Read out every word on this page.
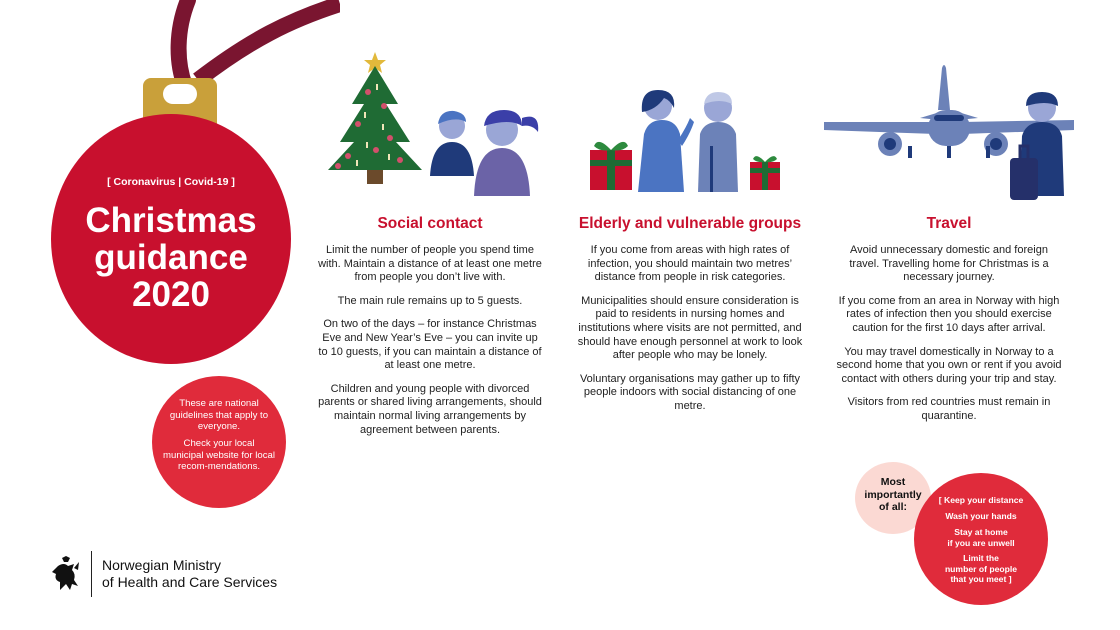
[ Coronavirus | Covid-19 ]
Christmas
guidance
2020

These are national guidelines that apply to everyone.

Check your local municipal website for local recom-mendations.

Social contact

Limit the number of people you spend time with. Maintain a distance of at least one metre from people you don’t live with.

The main rule remains up to 5 guests.

On two of the days – for instance Christmas Eve and New Year’s Eve – you can invite up to 10 guests, if you can maintain a distance of at least one metre.

Children and young people with divorced parents or shared living arrangements, should maintain normal living arrangements by agreement between parents.

Elderly and vulnerable groups

If you come from areas with high rates of infection, you should maintain two metres’ distance from people in risk categories.

Municipalities should ensure consideration is paid to residents in nursing homes and institutions where visits are not permitted, and should have enough personnel at work to look after people who may be lonely.

Voluntary organisations may gather up to fifty people indoors with social distancing of one metre.

Travel

Avoid unnecessary domestic and foreign travel. Travelling home for Christmas is a necessary journey.

If you come from an area in Norway with high rates of infection then you should exercise caution for the first 10 days after arrival.

You may travel domestically in Norway to a second home that you own or rent if you avoid contact with others during your trip and stay.

Visitors from red countries must remain in quarantine.

Most
importantly
of all:
[ Keep your distance
Wash your hands
Stay at home
if you are unwell
Limit the
number of people
that you meet ]
Norwegian Ministry
of Health and Care Services
